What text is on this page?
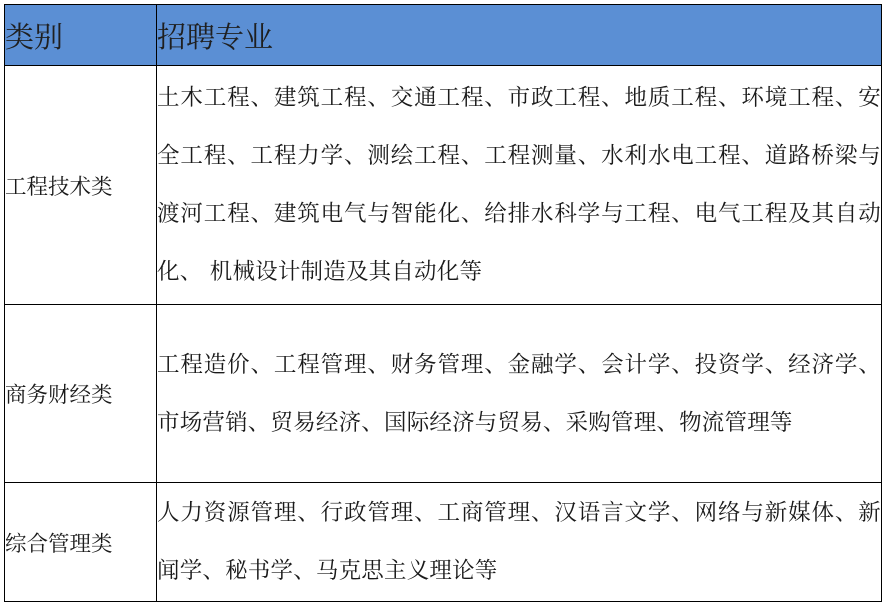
类别	招聘专业
工程技术类	土木工程、建筑工程、交通工程、市政工程、地质工程、环境工程、安全工程、工程力学、测绘工程、工程测量、水利水电工程、道路桥梁与渡河工程、建筑电气与智能化、给排水科学与工程、电气工程及其自动化、 机械设计制造及其自动化等
商务财经类	工程造价、工程管理、财务管理、金融学、会计学、投资学、经济学、市场营销、贸易经济、国际经济与贸易、采购管理、物流管理等
综合管理类	人力资源管理、行政管理、工商管理、汉语言文学、网络与新媒体、新闻学、秘书学、马克思主义理论等
